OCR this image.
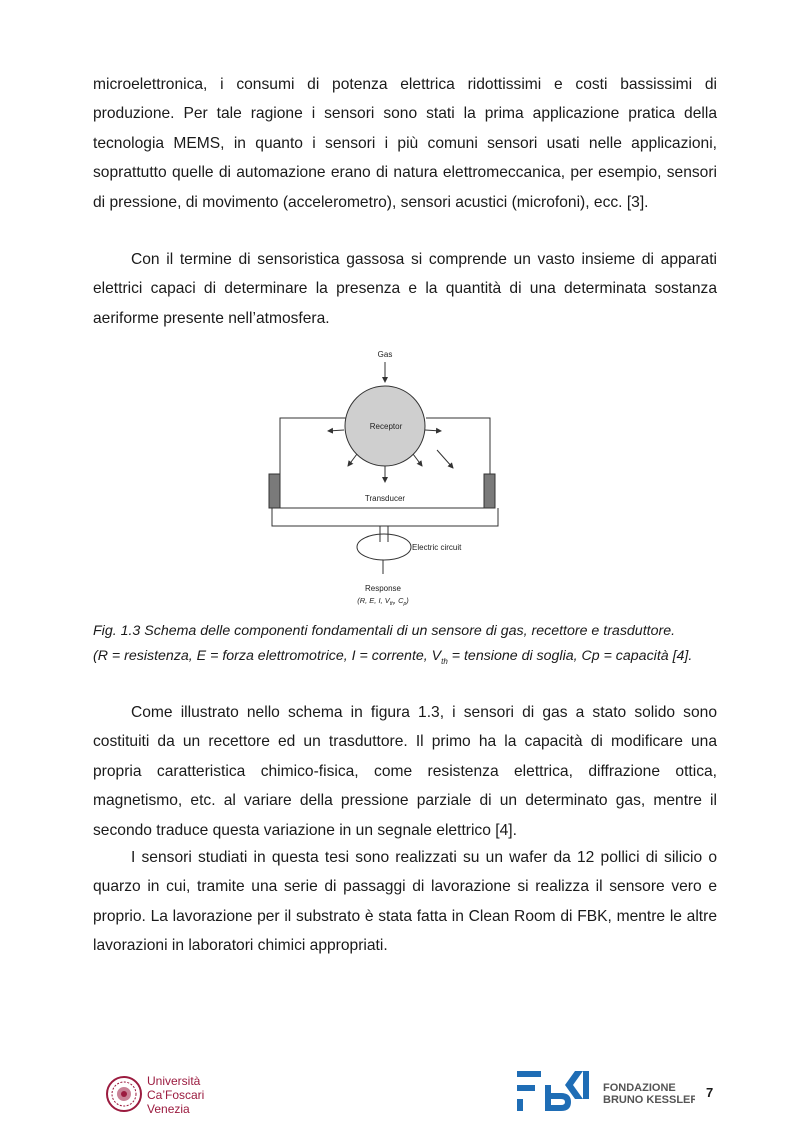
microelettronica, i consumi di potenza elettrica ridottissimi e costi bassissimi di produzione. Per tale ragione i sensori sono stati la prima applicazione pratica della tecnologia MEMS, in quanto i sensori i più comuni sensori usati nelle applicazioni, soprattutto quelle di automazione erano di natura elettromeccanica, per esempio, sensori di pressione, di movimento (accelerometro), sensori acustici (microfoni), ecc. [3].

Con il termine di sensoristica gassosa si comprende un vasto insieme di apparati elettrici capaci di determinare la presenza e la quantità di una determinata sostanza aeriforme presente nell’atmosfera.

Gas
Receptor
Transducer
Electric circuit
Response
(R, E, I, $V_{th}$, $C_p$)
Fig. 1.3 Schema delle componenti fondamentali di un sensore di gas, recettore e trasduttore.
(R = resistenza, E = forza elettromotrice, I = corrente, $V_{th}$ = tensione di soglia, Cp = capacità [4].

Come illustrato nello schema in figura 1.3, i sensori di gas a stato solido sono costituiti da un recettore ed un trasduttore. Il primo ha la capacità di modificare una propria caratteristica chimico-fisica, come resistenza elettrica, diffrazione ottica, magnetismo, etc. al variare della pressione parziale di un determinato gas, mentre il secondo traduce questa variazione in un segnale elettrico [4].

I sensori studiati in questa tesi sono realizzati su un wafer da 12 pollici di silicio o quarzo in cui, tramite una serie di passaggi di lavorazione si realizza il sensore vero e proprio. La lavorazione per il substrato è stata fatta in Clean Room di FBK, mentre le altre lavorazioni in laboratori chimici appropriati.

Università
Ca’Foscari
Venezia
FONDAZIONE
BRUNO KESSLER 7
